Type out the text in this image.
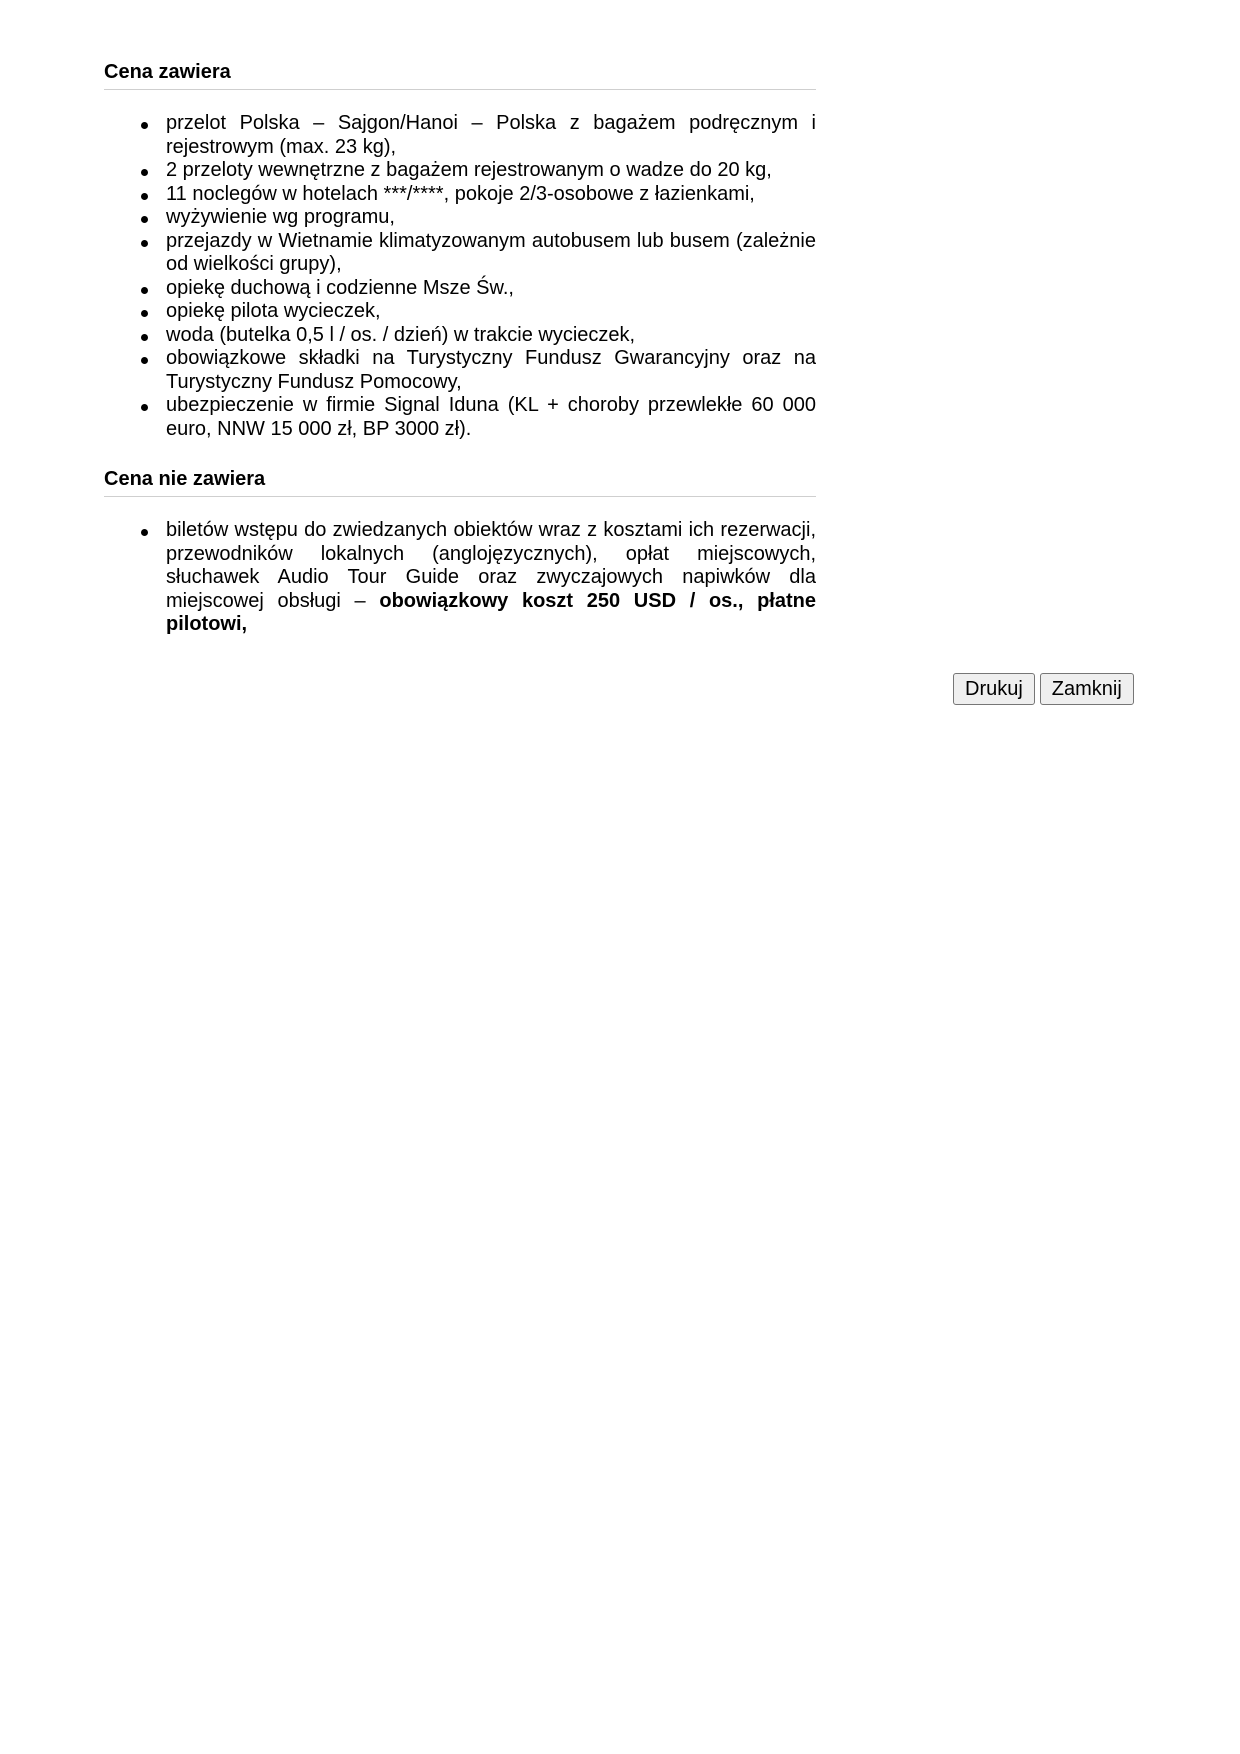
Cena zawiera
przelot Polska – Sajgon/Hanoi – Polska z bagażem podręcznym i rejestrowym (max. 23 kg),
2 przeloty wewnętrzne z bagażem rejestrowanym o wadze do 20 kg,
11 noclegów w hotelach ***/****, pokoje 2/3-osobowe z łazienkami,
wyżywienie wg programu,
przejazdy w Wietnamie klimatyzowanym autobusem lub busem (zależnie od wielkości grupy),
opiekę duchową i codzienne Msze Św.,
opiekę pilota wycieczek,
woda (butelka 0,5 l / os. / dzień) w trakcie wycieczek,
obowiązkowe składki na Turystyczny Fundusz Gwarancyjny oraz na Turystyczny Fundusz Pomocowy,
ubezpieczenie w firmie Signal Iduna (KL + choroby przewlekłe 60 000 euro, NNW 15 000 zł, BP 3000 zł).
Cena nie zawiera
biletów wstępu do zwiedzanych obiektów wraz z kosztami ich rezerwacji, przewodników lokalnych (anglojęzycznych), opłat miejscowych, słuchawek Audio Tour Guide oraz zwyczajowych napiwków dla miejscowej obsługi – obowiązkowy koszt 250 USD / os., płatne pilotowi,
Drukuj	Zamknij
